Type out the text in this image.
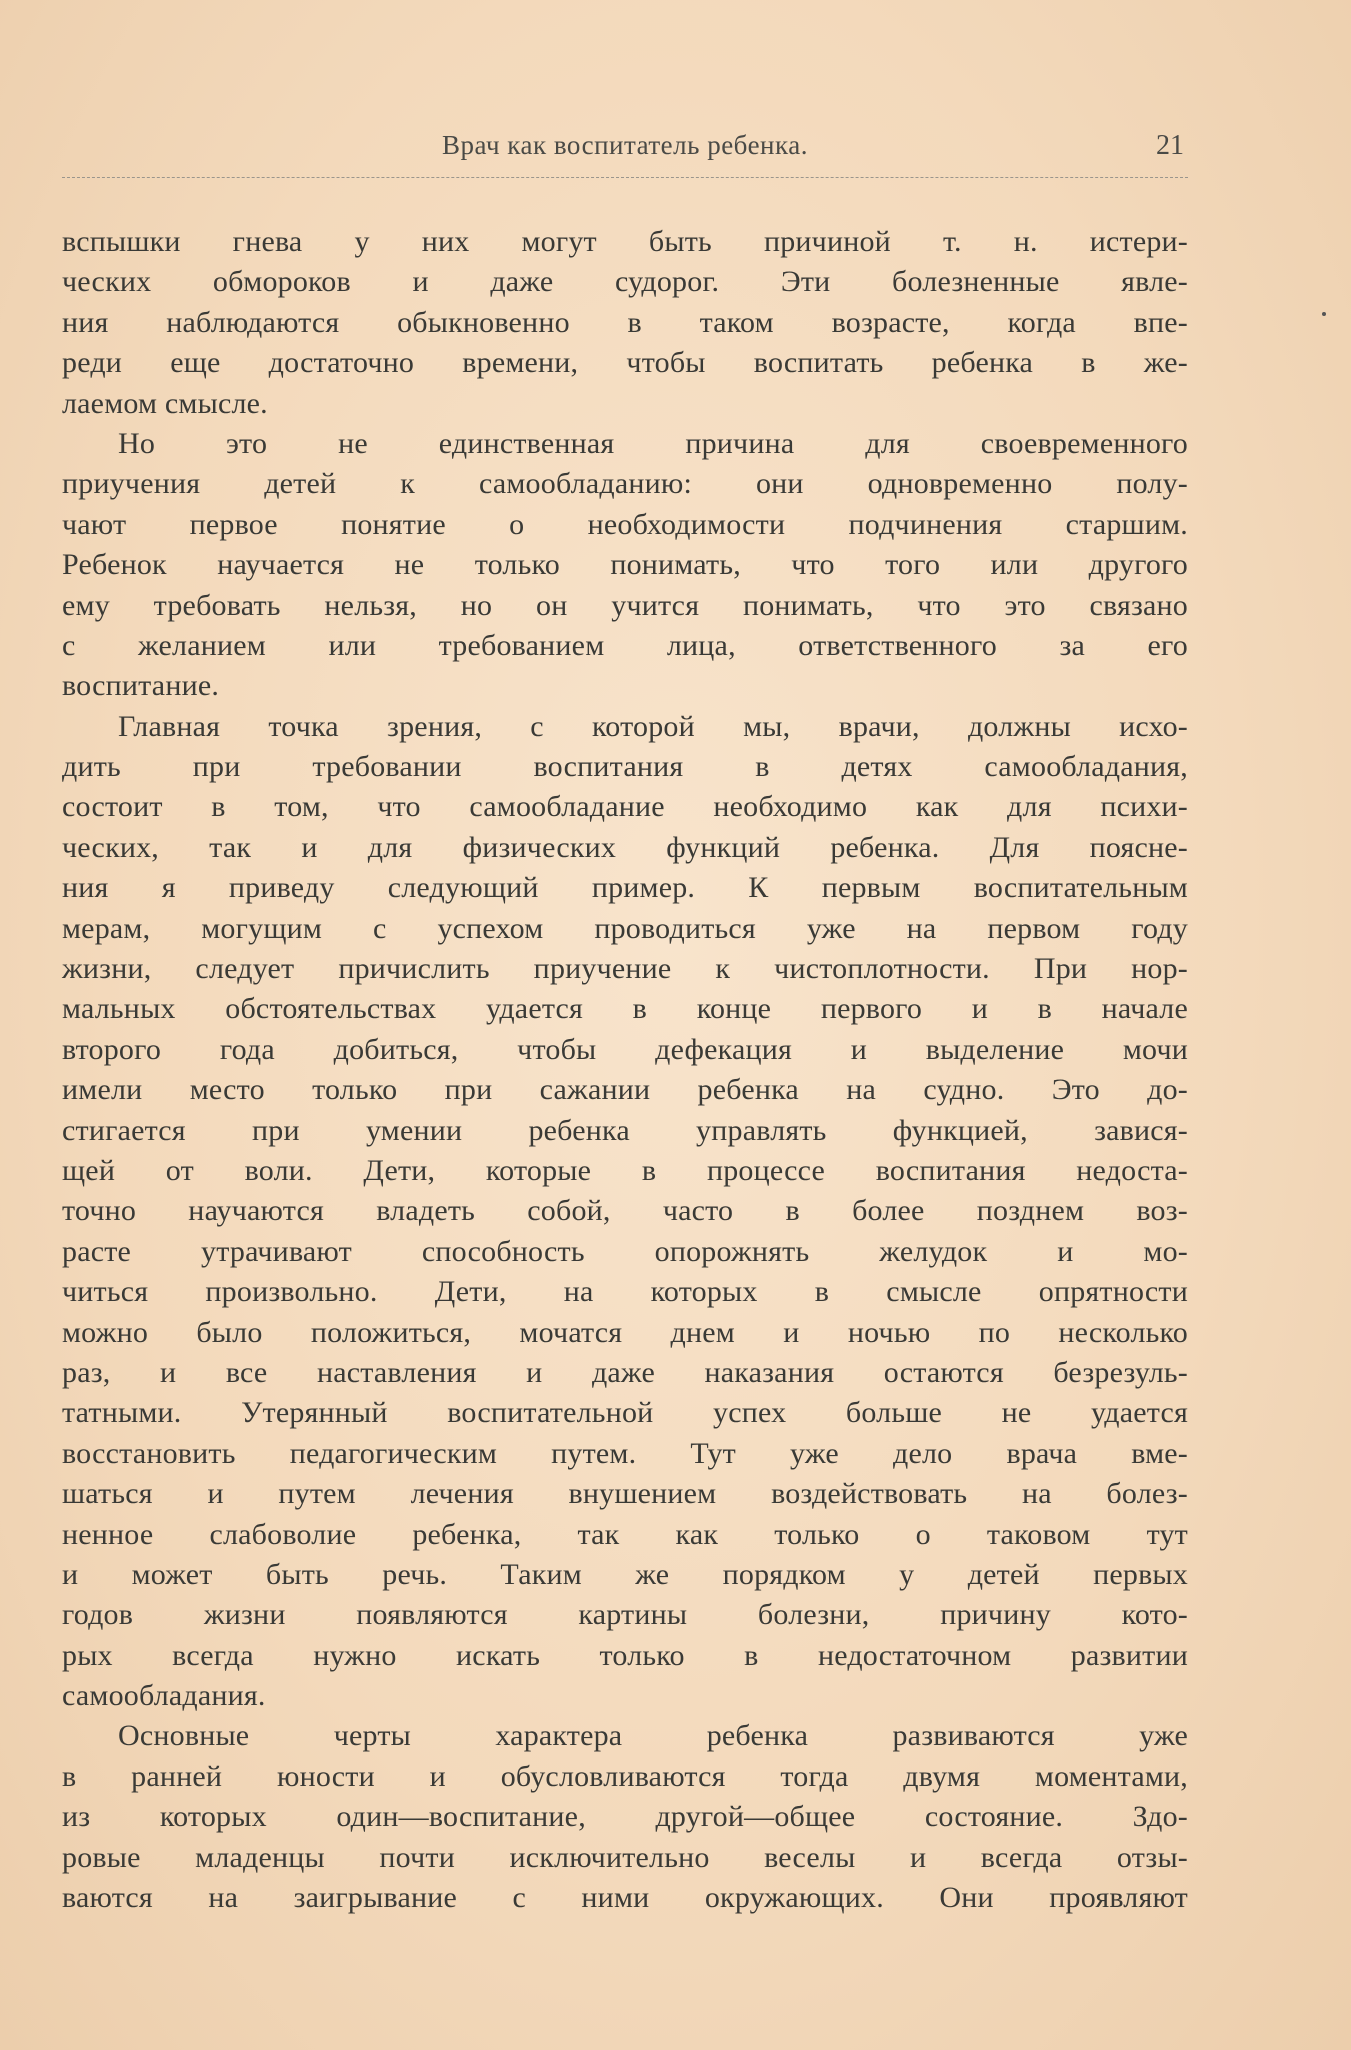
Врач как воспитатель ребенка.	21
вспышки гнева у них могут быть причиной т. н. истери-
ческих обмороков и даже судорог. Эти болезненные явле-
ния наблюдаются обыкновенно в таком возрасте, когда впе-
реди еще достаточно времени, чтобы воспитать ребенка в же-
лаемом смысле.
Но это не единственная причина для своевременного
приучения детей к самообладанию: они одновременно полу-
чают первое понятие о необходимости подчинения старшим.
Ребенок научается не только понимать, что того или другого
ему требовать нельзя, но он учится понимать, что это связано
с желанием или требованием лица, ответственного за его
воспитание.
Главная точка зрения, с которой мы, врачи, должны исхо-
дить при требовании воспитания в детях самообладания,
состоит в том, что самообладание необходимо как для психи-
ческих, так и для физических функций ребенка. Для поясне-
ния я приведу следующий пример. К первым воспитательным
мерам, могущим с успехом проводиться уже на первом году
жизни, следует причислить приучение к чистоплотности. При нор-
мальных обстоятельствах удается в конце первого и в начале
второго года добиться, чтобы дефекация и выделение мочи
имели место только при сажании ребенка на судно. Это до-
стигается при умении ребенка управлять функцией, завися-
щей от воли. Дети, которые в процессе воспитания недоста-
точно научаются владеть собой, часто в более позднем воз-
расте утрачивают способность опорожнять желудок и мо-
читься произвольно. Дети, на которых в смысле опрятности
можно было положиться, мочатся днем и ночью по несколько
раз, и все наставления и даже наказания остаются безрезуль-
татными. Утерянный воспитательной успех больше не удается
восстановить педагогическим путем. Тут уже дело врача вме-
шаться и путем лечения внушением воздействовать на болез-
ненное слабоволие ребенка, так как только о таковом тут
и может быть речь. Таким же порядком у детей первых
годов жизни появляются картины болезни, причину кото-
рых всегда нужно искать только в недостаточном развитии
самообладания.
Основные черты характера ребенка развиваются уже
в ранней юности и обусловливаются тогда двумя моментами,
из которых один—воспитание, другой—общее состояние. Здо-
ровые младенцы почти исключительно веселы и всегда отзы-
ваются на заигрывание с ними окружающих. Они проявляют
